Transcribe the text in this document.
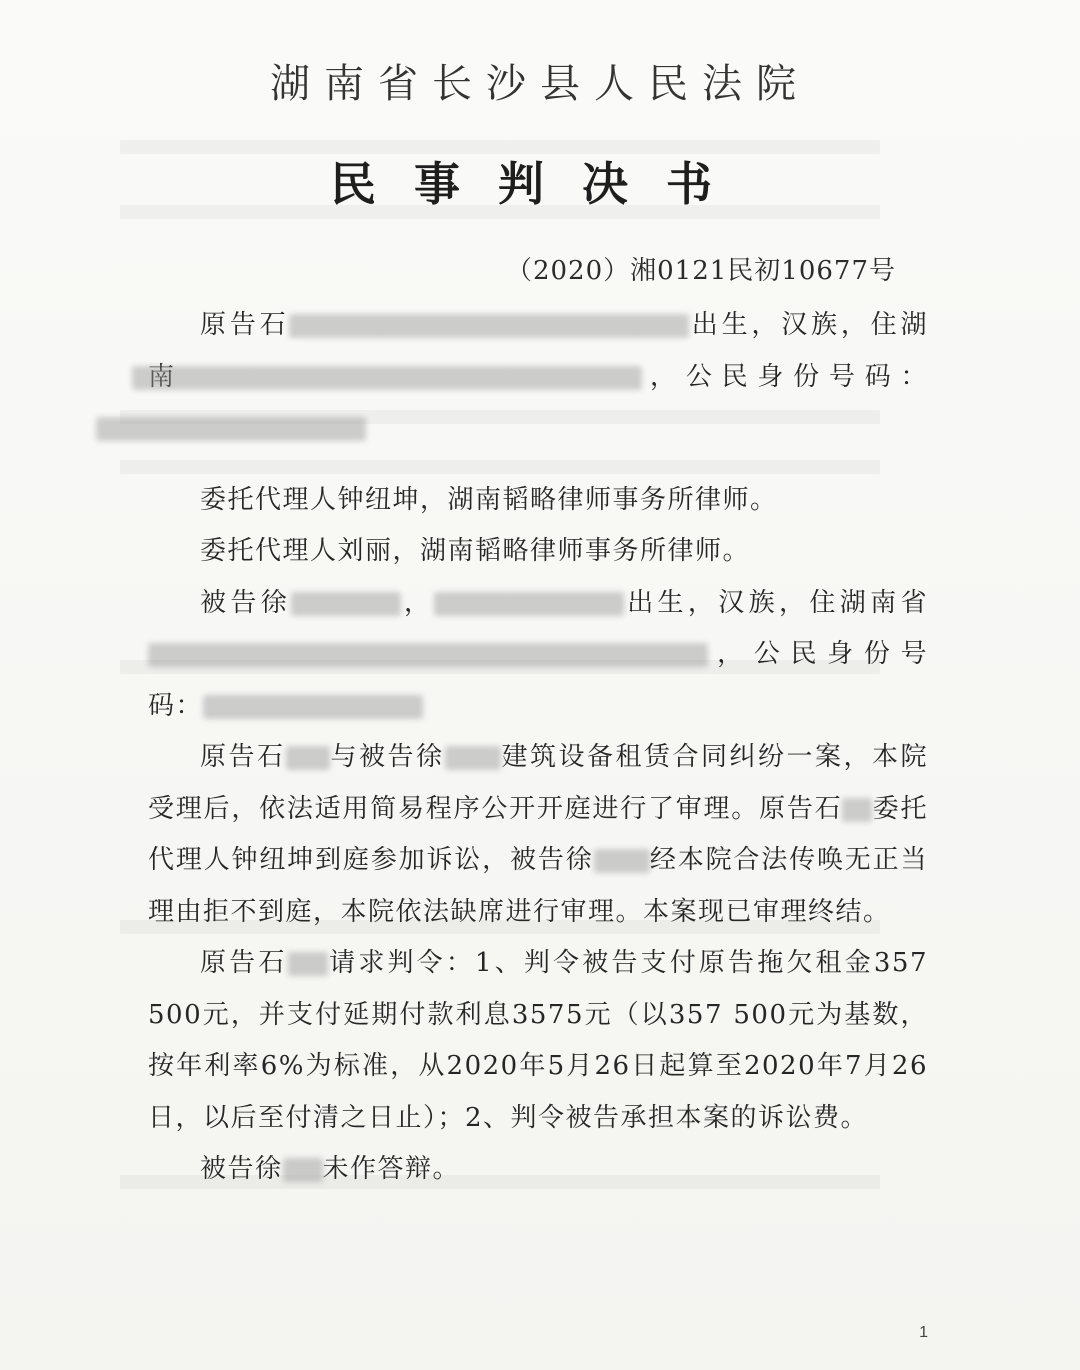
湖南省长沙县人民法院
民事判决书
（2020）湘0121民初10677号

原告石	出生，汉族，住湖南	，公民身份号码：

委托代理人钟纽坤，湖南韬略律师事务所律师。

委托代理人刘丽，湖南韬略律师事务所律师。

被告徐	，	出生，汉族，住湖南省，公民身份号码：

原告石 与被告徐 建筑设备租赁合同纠纷一案，本院受理后，依法适用简易程序公开开庭进行了审理。原告石 委托代理人钟纽坤到庭参加诉讼，被告徐 经本院合法传唤无正当理由拒不到庭，本院依法缺席进行审理。本案现已审理终结。

原告石 请求判令：1、判令被告支付原告拖欠租金357 500元，并支付延期付款利息3575元（以357 500元为基数，按年利率6%为标准，从2020年5月26日起算至2020年7月26日，以后至付清之日止）；2、判令被告承担本案的诉讼费。

被告徐 未作答辩。

1
